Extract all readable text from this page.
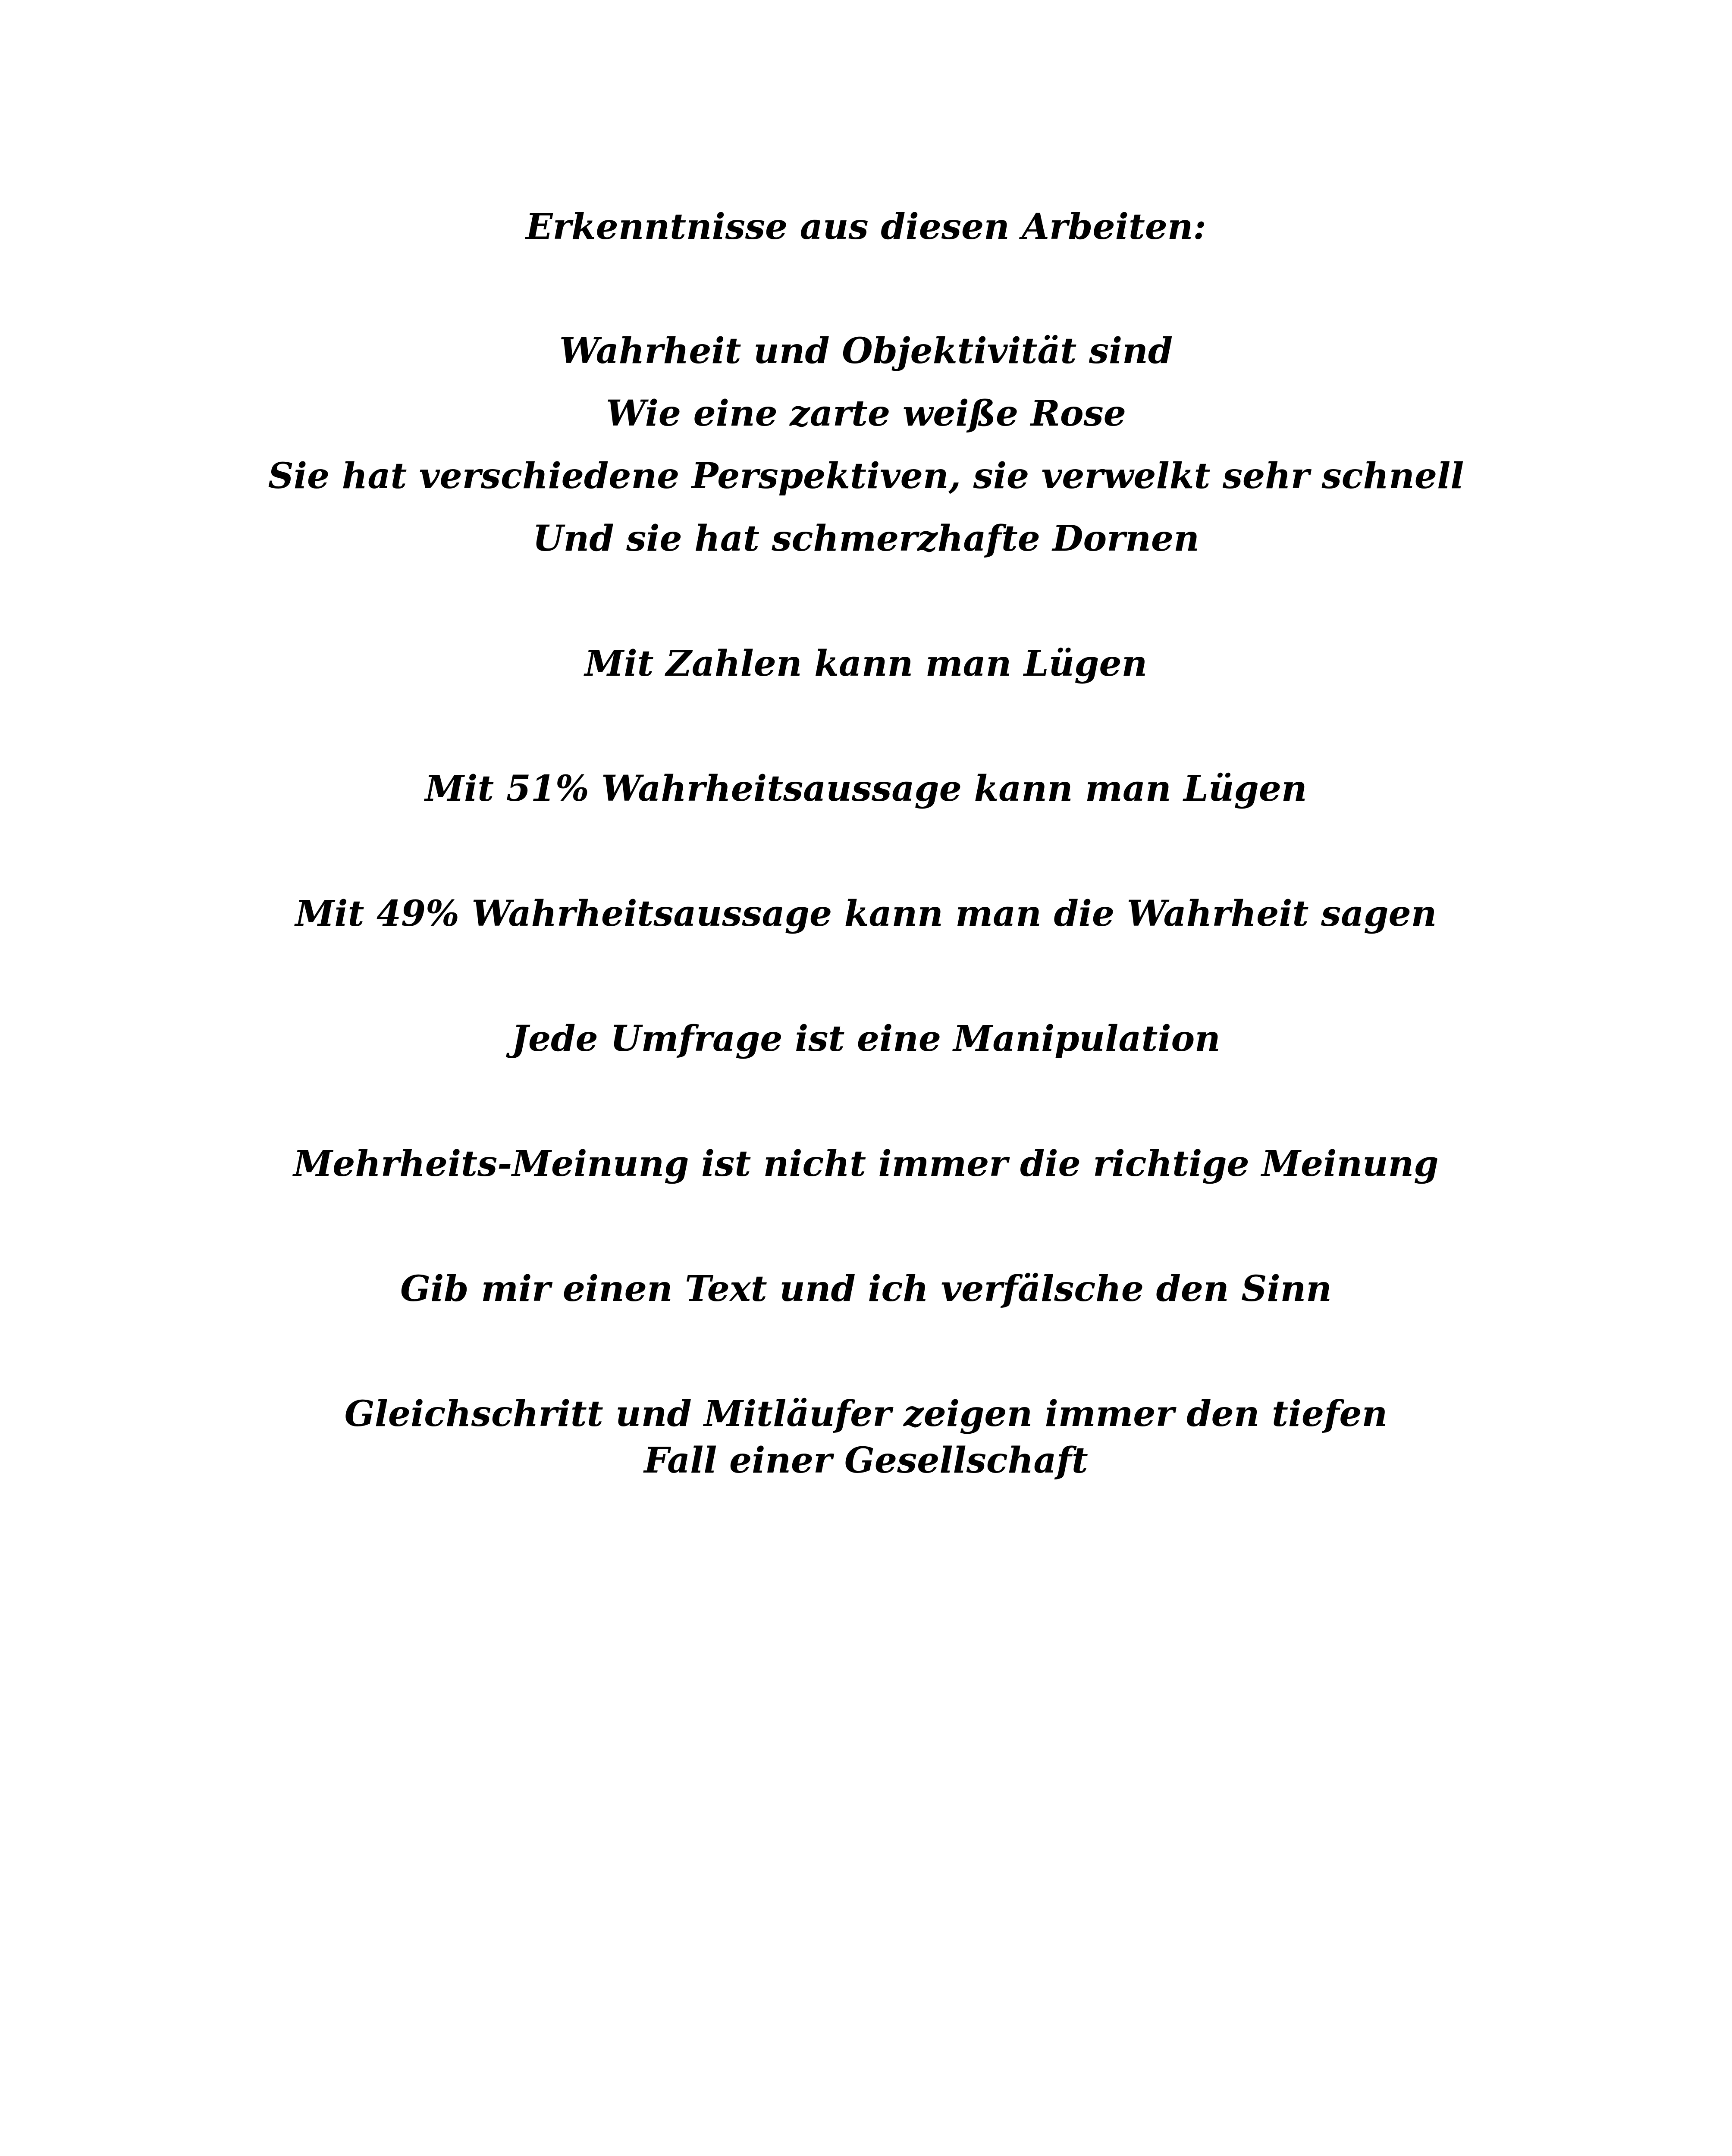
Erkenntnisse aus diesen Arbeiten:

Wahrheit und Objektivität sind

Wie eine zarte weiße Rose

Sie hat verschiedene Perspektiven, sie verwelkt sehr schnell

Und sie hat schmerzhafte Dornen

Mit Zahlen kann man Lügen

Mit 51% Wahrheitsaussage kann man Lügen

Mit 49% Wahrheitsaussage kann man die Wahrheit sagen

Jede Umfrage ist eine Manipulation

Mehrheits-Meinung ist nicht immer die richtige Meinung

Gib mir einen Text und ich verfälsche den Sinn

Gleichschritt und Mitläufer zeigen immer den tiefen Fall einer Gesellschaft
